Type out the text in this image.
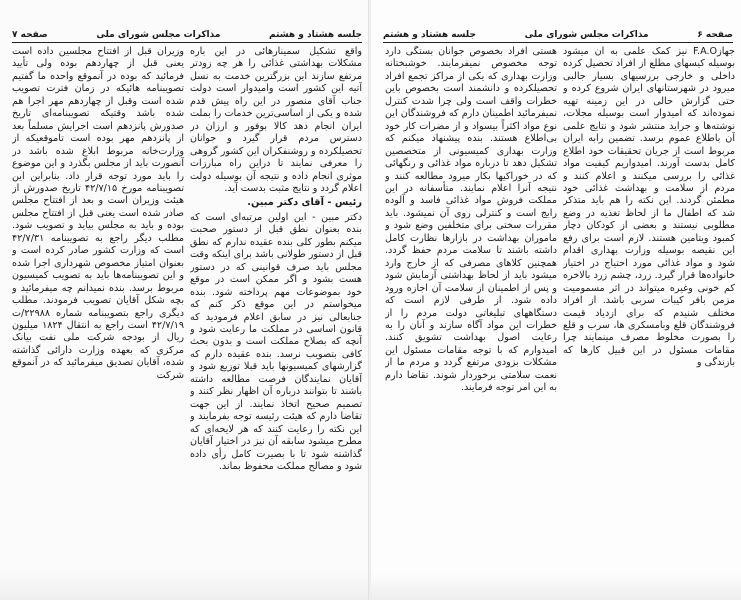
صفحه ۷	مذاکرات مجلس شورای ملی	جلسه هشتاد و هشتم

واقع تشکیل سمینارهائی در این باره مشکلات بهداشتی غذائی را هر چه زودتر مرتفع سازند این بزرگترین خدمت به نسل آتیه این کشور است وامیدوار است دولت جناب آقای منصور در این راه پیش قدم شده و یکی از اساسی‌ترین خدمات را بملت ایران انجام دهد کالا بوفور و ارزان در دسترس مردم قرار گیرد و جوانان تحصیلکرده و روشنفکران این کشور گروهی را معرفی نمایند تا دراین راه مبارزات موثری انجام داده و نتیجه آن بوسیله دولت اعلام گردد و نتایج مثبت بدست آید.

رئیس - آقای دکتر مبین.

دکتر مبین - این اولین مرتبه‌ای است که بنده بعنوان نطق قبل از دستور صحبت میکنم بطور کلی بنده عقیده ندارم که نطق قبل از دستور طولانی باشد برای اینکه وقت مجلس باید صرف قوانینی که در دستور هست بشود و اگر ممکن است در موقع خود بموضوعات مهم پرداخته شود. بنده میخواستم در این موقع ذکر کنم که جنابعالی نیز در سابق اعلام فرمودید که قانون اساسی در مملکت ما رعایت شود و آنچه که بصلاح مملکت است و بدون بحث کافی بتصویب نرسد. بنده عقیده دارم که گزارشهای کمیسیونها باید قبلا توزیع شود و آقایان نمایندگان فرصت مطالعه داشته باشند تا بتوانند درباره آن اظهار نظر کنند و تصمیم صحیح اتخاذ نمایند. از این جهت تقاضا دارم که هیئت رئیسه توجه بفرمایند و این نکته را رعایت کنند که هر لایحه‌ای که مطرح میشود سابقه آن نیز در اختیار آقایان گذاشته شود تا با بصیرت کامل رأی داده شود و مصالح مملکت محفوظ بماند.

وزیران قبل از افتتاح مجلسین داده است یعنی قبل از چهاردهم بوده ولی تأیید فرمائید که بوده در آنموقع واحده ما گفتیم تصویبنامه هائیکه در زمان فترت تصویب شده است وقبل از چهاردهم مهر اجرا هم شده باشد وقتیکه تصویبنامه‌ای تاریخ صدورش پانزدهم است اجرایش مسلماً بعد از پانزدهم مهر بوده است تاموقعیکه از وزارت‌خانه مربوط ابلاغ شده باشد در آنصورت باید از مجلس بگذرد و این موضوع را باید مورد توجه قرار داد. بنابراین این تصویبنامه مورخ ۴۲/۷/۱۵ تاریخ صدورش از هیئت وزیران است و بعد از افتتاح مجلس صادر شده است یعنی قبل از افتتاح مجلس بوده و باید به مجلس بیاید و تصویب شود. مطلب دیگر راجع به تصویبنامه ۴۲/۷/۳۱ است که وزارت کشور صادر کرده است و بعنوان امتیاز مخصوص شهرداری اجرا شده و این تصویبنامه‌ها باید به تصویب کمیسیون مربوط برسد. بنده نمیدانم چه میفرمائید و بچه شکل آقایان تصویب فرمودند. مطلب دیگری راجع بتصویبنامه شماره ۲۲۹۸۸/ت ۴۲/۷/۱۹ است راجع به انتقال ۱۸۲۴ میلیون ریال از بودجه شرکت ملی نفت بیانک مرکزی که بعهده وزارت دارائی گذاشته شده، آقایان تصدیق میفرمائید که در آنموقع شرکت

جلسه هشتاد و هشتم	مذاکرات مجلس شورای ملی	صفحه ۶

جهازF.A.O نیز کمک علمی به آن میشود بوسیله کیسهای مطلع از افراد تحصیل کرده داخلی و خارجی بررسیهای بسیار جالبی میرود در شهرستانهای ایران شروع کرده و حتی گزارش حالی در این زمینه تهیه نموده‌اند که امیدوار است بوسیله مجلات، نوشته‌ها و جراید منتشر شود و نتایج علمی آن باطلاع عموم برسد. تضمین رابه ایران مربوط است از جریان تحقیقات خود اطلاع کامل بدست آورند. امیدواریم کیفیت مواد غذائی را بررسی میکنند و اعلام کنند و مردم از سلامت و بهداشت غذائی خود مطمئن گردند. این نکته را هم باید متذکر شد که اطفال ما از لحاظ تغذیه در وضع مطلوبی نیستند و بعضی از کودکان دچار کمبود ویتامین هستند. لازم است برای رفع این نقیصه بوسیله وزارت بهداری اقدام شود و مواد غذائی مورد احتیاج در اختیار خانواده‌ها قرار گیرد. زرد، چشم زرد بالاخره کم خونی وغیره میتواند در اثر مسمومیت مزمن بافر کیبات سربی باشد. از افراد مختلف شنیدم که برای ازدیاد قیمت فروشندگان قلع وبامسکری ها، سرب و قلع را بصورت مخلوط مصرف مینمایند چرا مقامات مسئول در این قبیل کارها که بازندگی و

هستی افراد بخصوص جوانان بستگی دارد توجه مخصوص نمیفرمایند. خوشبختانه وزارت بهداری که یکی از مراکز تجمع افراد تحصیلکرده و دانشمند است بخصوص باین خطرات واقف است ولی چرا شدت کنترل نمیفرمائید اطمینان دارم که فروشندگان این نوع مواد اکثراً بیسواد و از مضرات کار خود بی‌اطلاع هستند. بنده پیشنهاد میکنم که وزارت بهداری کمیسیونی از متخصصین تشکیل دهد تا درباره مواد غذائی و رنگهائی که در خوراکیها بکار میرود مطالعه کنند و نتیجه آنرا اعلام نمایند. متأسفانه در این مملکت فروش مواد غذائی فاسد و آلوده رایج است و کنترلی روی آن نمیشود. باید مقررات سختی برای متخلفین وضع شود و ماموران بهداشت در بازارها نظارت کامل داشته باشند تا سلامت مردم حفظ گردد. همچنین کلاهای مصرفی که از خارج وارد میشود باید از لحاظ بهداشتی آزمایش شود و پس از اطمینان از سلامت آن اجازه ورود داده شود. از طرفی لازم است که دستگاههای تبلیغاتی دولت مردم را از خطرات این مواد آگاه سازند و آنان را به رعایت اصول بهداشت تشویق کنند. امیدوارم که با توجه مقامات مسئول این مشکلات بزودی مرتفع گردد و مردم ما از نعمت سلامتی برخوردار شوند. تقاضا دارم به این امر توجه فرمایند.
